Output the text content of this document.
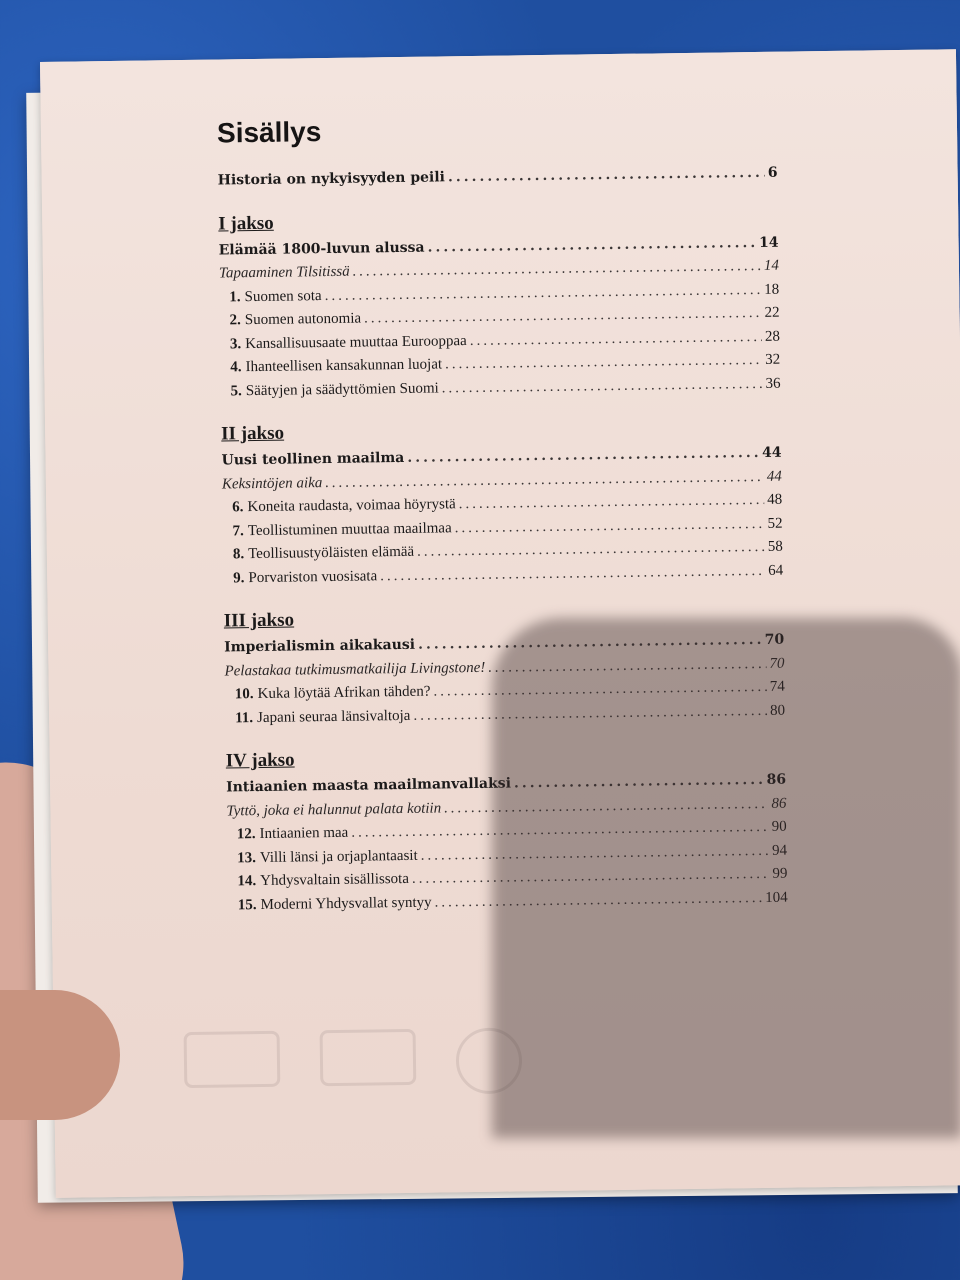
Sisällys
Historia on nykyisyyden peili .....	6
I jakso
Elämää 1800-luvun alussa .....	14
Tapaaminen Tilsitissä .....	14
1. Suomen sota .....	18
2. Suomen autonomia .....	22
3. Kansallisuusaate muuttaa Eurooppaa .....	28
4. Ihanteellisen kansakunnan luojat .....	32
5. Säätyjen ja säädyttömien Suomi .....	36
II jakso
Uusi teollinen maailma .....	44
Keksintöjen aika .....	44
6. Koneita raudasta, voimaa höyrystä .....	48
7. Teollistuminen muuttaa maailmaa .....	52
8. Teollisuustyöläisten elämää .....	58
9. Porvariston vuosisata .....	64
III jakso
Imperialismin aikakausi .....	70
Pelastakaa tutkimusmatkailija Livingstone! .....	70
10. Kuka löytää Afrikan tähden? .....	74
11. Japani seuraa länsivaltoja .....	80
IV jakso
Intiaanien maasta maailmanvallaksi .....	86
Tyttö, joka ei halunnut palata kotiin .....	86
12. Intiaanien maa .....	90
13. Villi länsi ja orjaplantaasit .....	94
14. Yhdysvaltain sisällissota .....	99
15. Moderni Yhdysvallat syntyy .....	104
